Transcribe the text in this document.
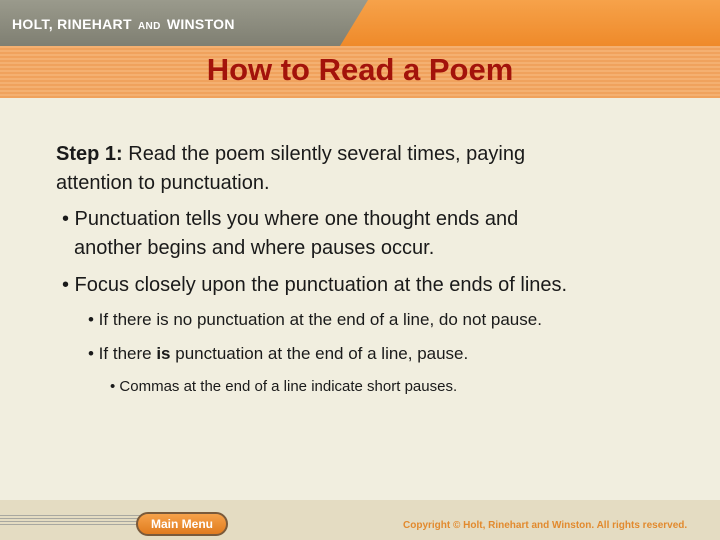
HOLT, RINEHART AND WINSTON
How to Read a Poem
Step 1: Read the poem silently several times, paying
attention to punctuation.
• Punctuation tells you where one thought ends and
another begins and where pauses occur.
• Focus closely upon the punctuation at the ends of lines.
• If there is no punctuation at the end of a line, do not pause.
• If there is punctuation at the end of a line, pause.
• Commas at the end of a line indicate short pauses.
Main Menu	Copyright © Holt, Rinehart and Winston. All rights reserved.
